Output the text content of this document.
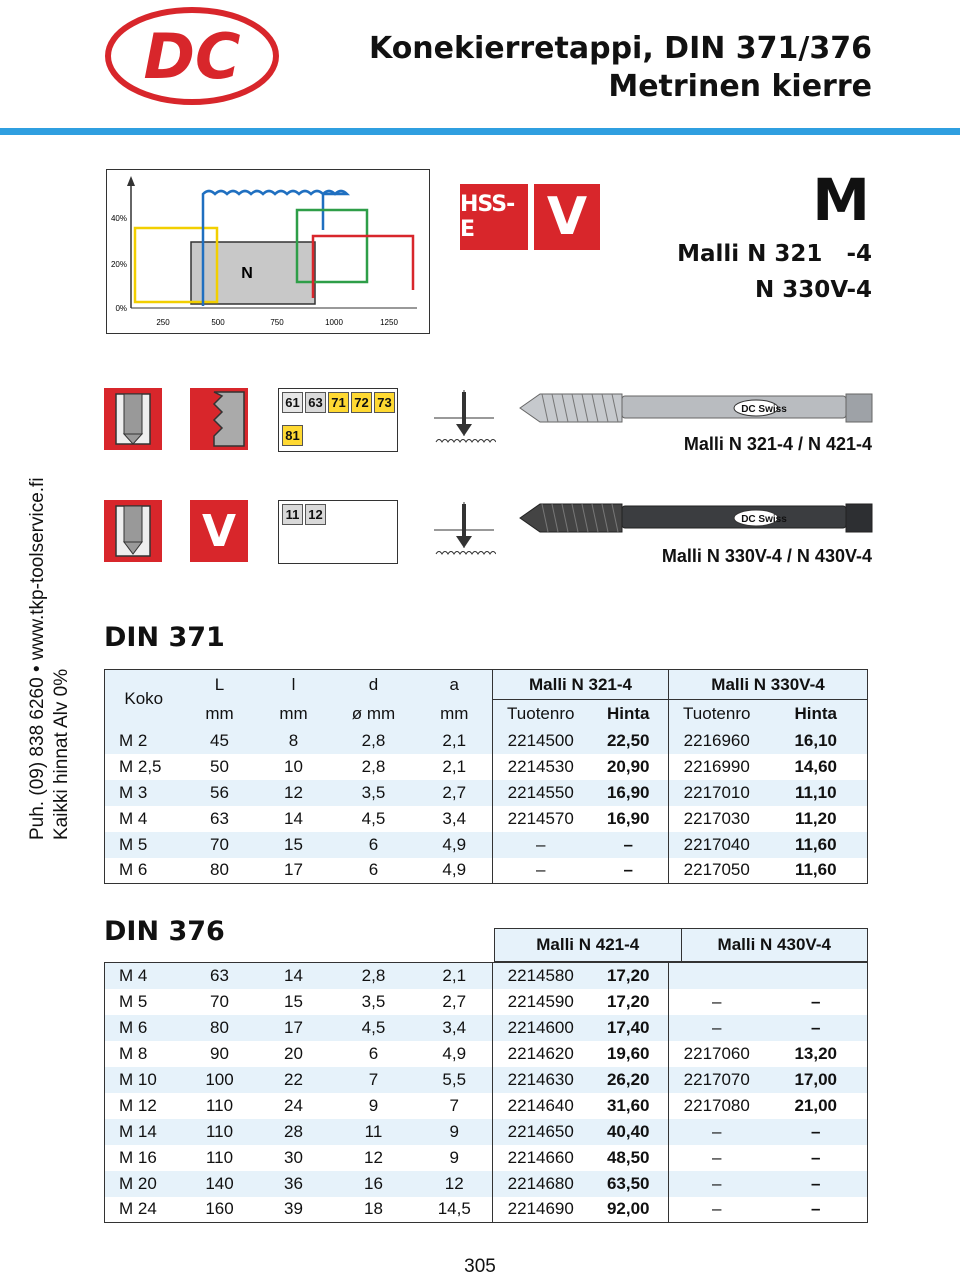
DC	Konekierretappi, DIN 371/376
Metrinen kierre
Puh. (09) 838 6260 • www.tkp-toolservice.fi Kaikki hinnat Alv 0%
40%
20%
0%
250	500	750	1000	1250
N
HSS-E	V	M
Malli N 321   -4
N 330V-4
61 63 71 72 73
81
DC Swiss
Malli N 321-4 / N 421-4
V	11 12	DC Swiss
Malli N 330V-4 / N 430V-4
DIN 371
Koko	L	l	d	a	Malli N 321-4		Malli N 330V-4	
	mm	mm	ø mm	mm	Tuotenro	Hinta	Tuotenro	Hinta
M 2	45	8	2,8	2,1	2214500	22,50	2216960	16,10
M 2,5	50	10	2,8	2,1	2214530	20,90	2216990	14,60
M 3	56	12	3,5	2,7	2214550	16,90	2217010	11,10
M 4	63	14	4,5	3,4	2214570	16,90	2217030	11,20
M 5	70	15	6	4,9	–	–	2217040	11,60
M 6	80	17	6	4,9	–	–	2217050	11,60
DIN 376	Malli N 421-4	Malli N 430V-4
M 4	63	14	2,8	2,1	2214580	17,20		
M 5	70	15	3,5	2,7	2214590	17,20	–	–
M 6	80	17	4,5	3,4	2214600	17,40	–	–
M 8	90	20	6	4,9	2214620	19,60	2217060	13,20
M 10	100	22	7	5,5	2214630	26,20	2217070	17,00
M 12	110	24	9	7	2214640	31,60	2217080	21,00
M 14	110	28	11	9	2214650	40,40	–	–
M 16	110	30	12	9	2214660	48,50	–	–
M 20	140	36	16	12	2214680	63,50	–	–
M 24	160	39	18	14,5	2214690	92,00	–	–
305
